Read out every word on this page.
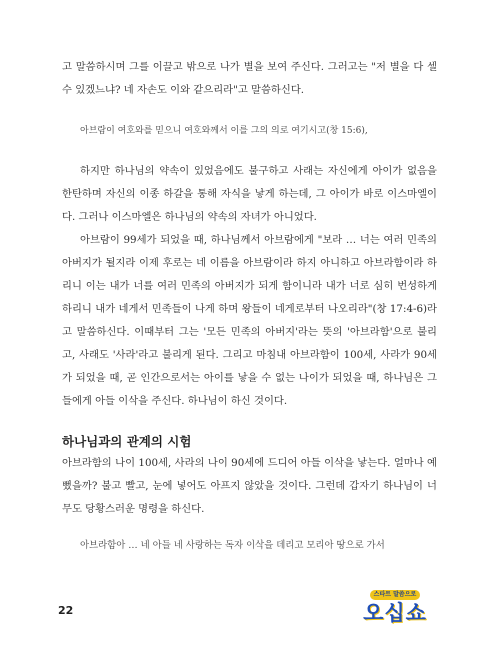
고 말씀하시며 그를 이끌고 밖으로 나가 별을 보여 주신다. 그러고는 "저 별을 다 셀 수 있겠느냐? 네 자손도 이와 같으리라"고 말씀하신다.

아브람이 여호와를 믿으니 여호와께서 이를 그의 의로 여기시고(창 15:6),

하지만 하나님의 약속이 있었음에도 불구하고 사래는 자신에게 아이가 없음을 한탄하며 자신의 이종 하갈을 통해 자식을 낳게 하는데, 그 아이가 바로 이스마엘이다. 그러나 이스마엘은 하나님의 약속의 자녀가 아니었다.

아브람이 99세가 되었을 때, 하나님께서 아브람에게 "보라 … 너는 여러 민족의 아버지가 될지라 이제 후로는 네 이름을 아브람이라 하지 아니하고 아브라함이라 하리니 이는 내가 너를 여러 민족의 아버지가 되게 함이니라 내가 너로 심히 번성하게 하리니 내가 네게서 민족들이 나게 하며 왕들이 네게로부터 나오리라"(창 17:4-6)라고 말씀하신다. 이때부터 그는 '모든 민족의 아버지'라는 뜻의 '아브라함'으로 불리고, 사래도 '사라'라고 불리게 된다. 그리고 마침내 아브라함이 100세, 사라가 90세가 되었을 때, 곧 인간으로서는 아이를 낳을 수 없는 나이가 되었을 때, 하나님은 그들에게 아들 이삭을 주신다. 하나님이 하신 것이다.

하나님과의 관계의 시험

아브라함의 나이 100세, 사라의 나이 90세에 드디어 아들 이삭을 낳는다. 얼마나 예뻤을까? 불고 빨고, 눈에 넣어도 아프지 않았을 것이다. 그런데 갑자기 하나님이 너무도 당황스러운 명령을 하신다.

아브라함아 … 네 아들 네 사랑하는 독자 이삭을 데리고 모리아 땅으로 가서

22
스타트 말씀으로
오십쇼
